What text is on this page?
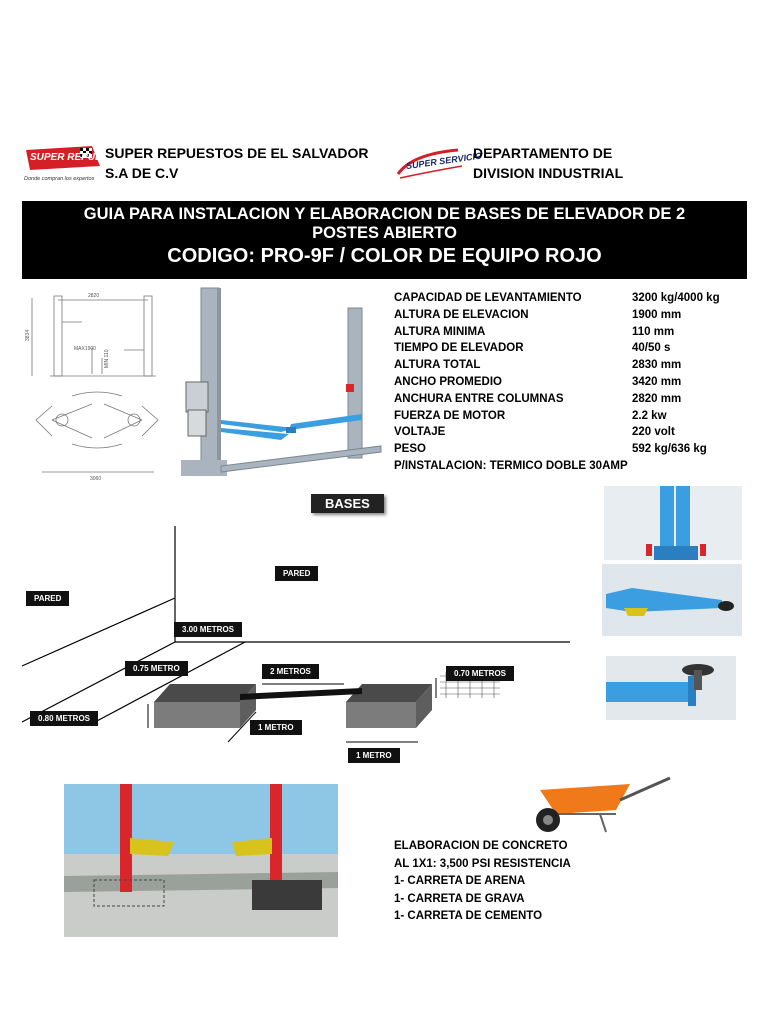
SUPER REPUESTOS
Donde compran los expertos
SUPER REPUESTOS DE EL SALVADOR
S.A DE C.V
SUPER SERVICIO
DEPARTAMENTO DE
DIVISION INDUSTRIAL
GUIA PARA INSTALACION Y ELABORACION DE BASES DE ELEVADOR DE 2
POSTES ABIERTO
CODIGO: PRO-9F / COLOR DE EQUIPO ROJO
2820
3834
MAX1900
MIN 110
3060
CAPACIDAD DE LEVANTAMIENTO	3200 kg/4000 kg
ALTURA DE ELEVACION	1900 mm
ALTURA MINIMA	110 mm
TIEMPO DE ELEVADOR	40/50 s
ALTURA TOTAL	2830 mm
ANCHO PROMEDIO	3420 mm
ANCHURA ENTRE COLUMNAS	2820 mm
FUERZA DE MOTOR	2.2 kw
VOLTAJE	220 volt
PESO	592 kg/636 kg
P/INSTALACION: TERMICO DOBLE 30AMP
BASES
PARED
PARED
3.00 METROS
0.75 METRO	2 METROS	0.70 METROS
0.80 METROS
1 METRO
1 METRO
ELABORACION DE CONCRETO
AL 1X1: 3,500 PSI RESISTENCIA
1- CARRETA DE ARENA
1- CARRETA DE GRAVA
1- CARRETA DE CEMENTO
